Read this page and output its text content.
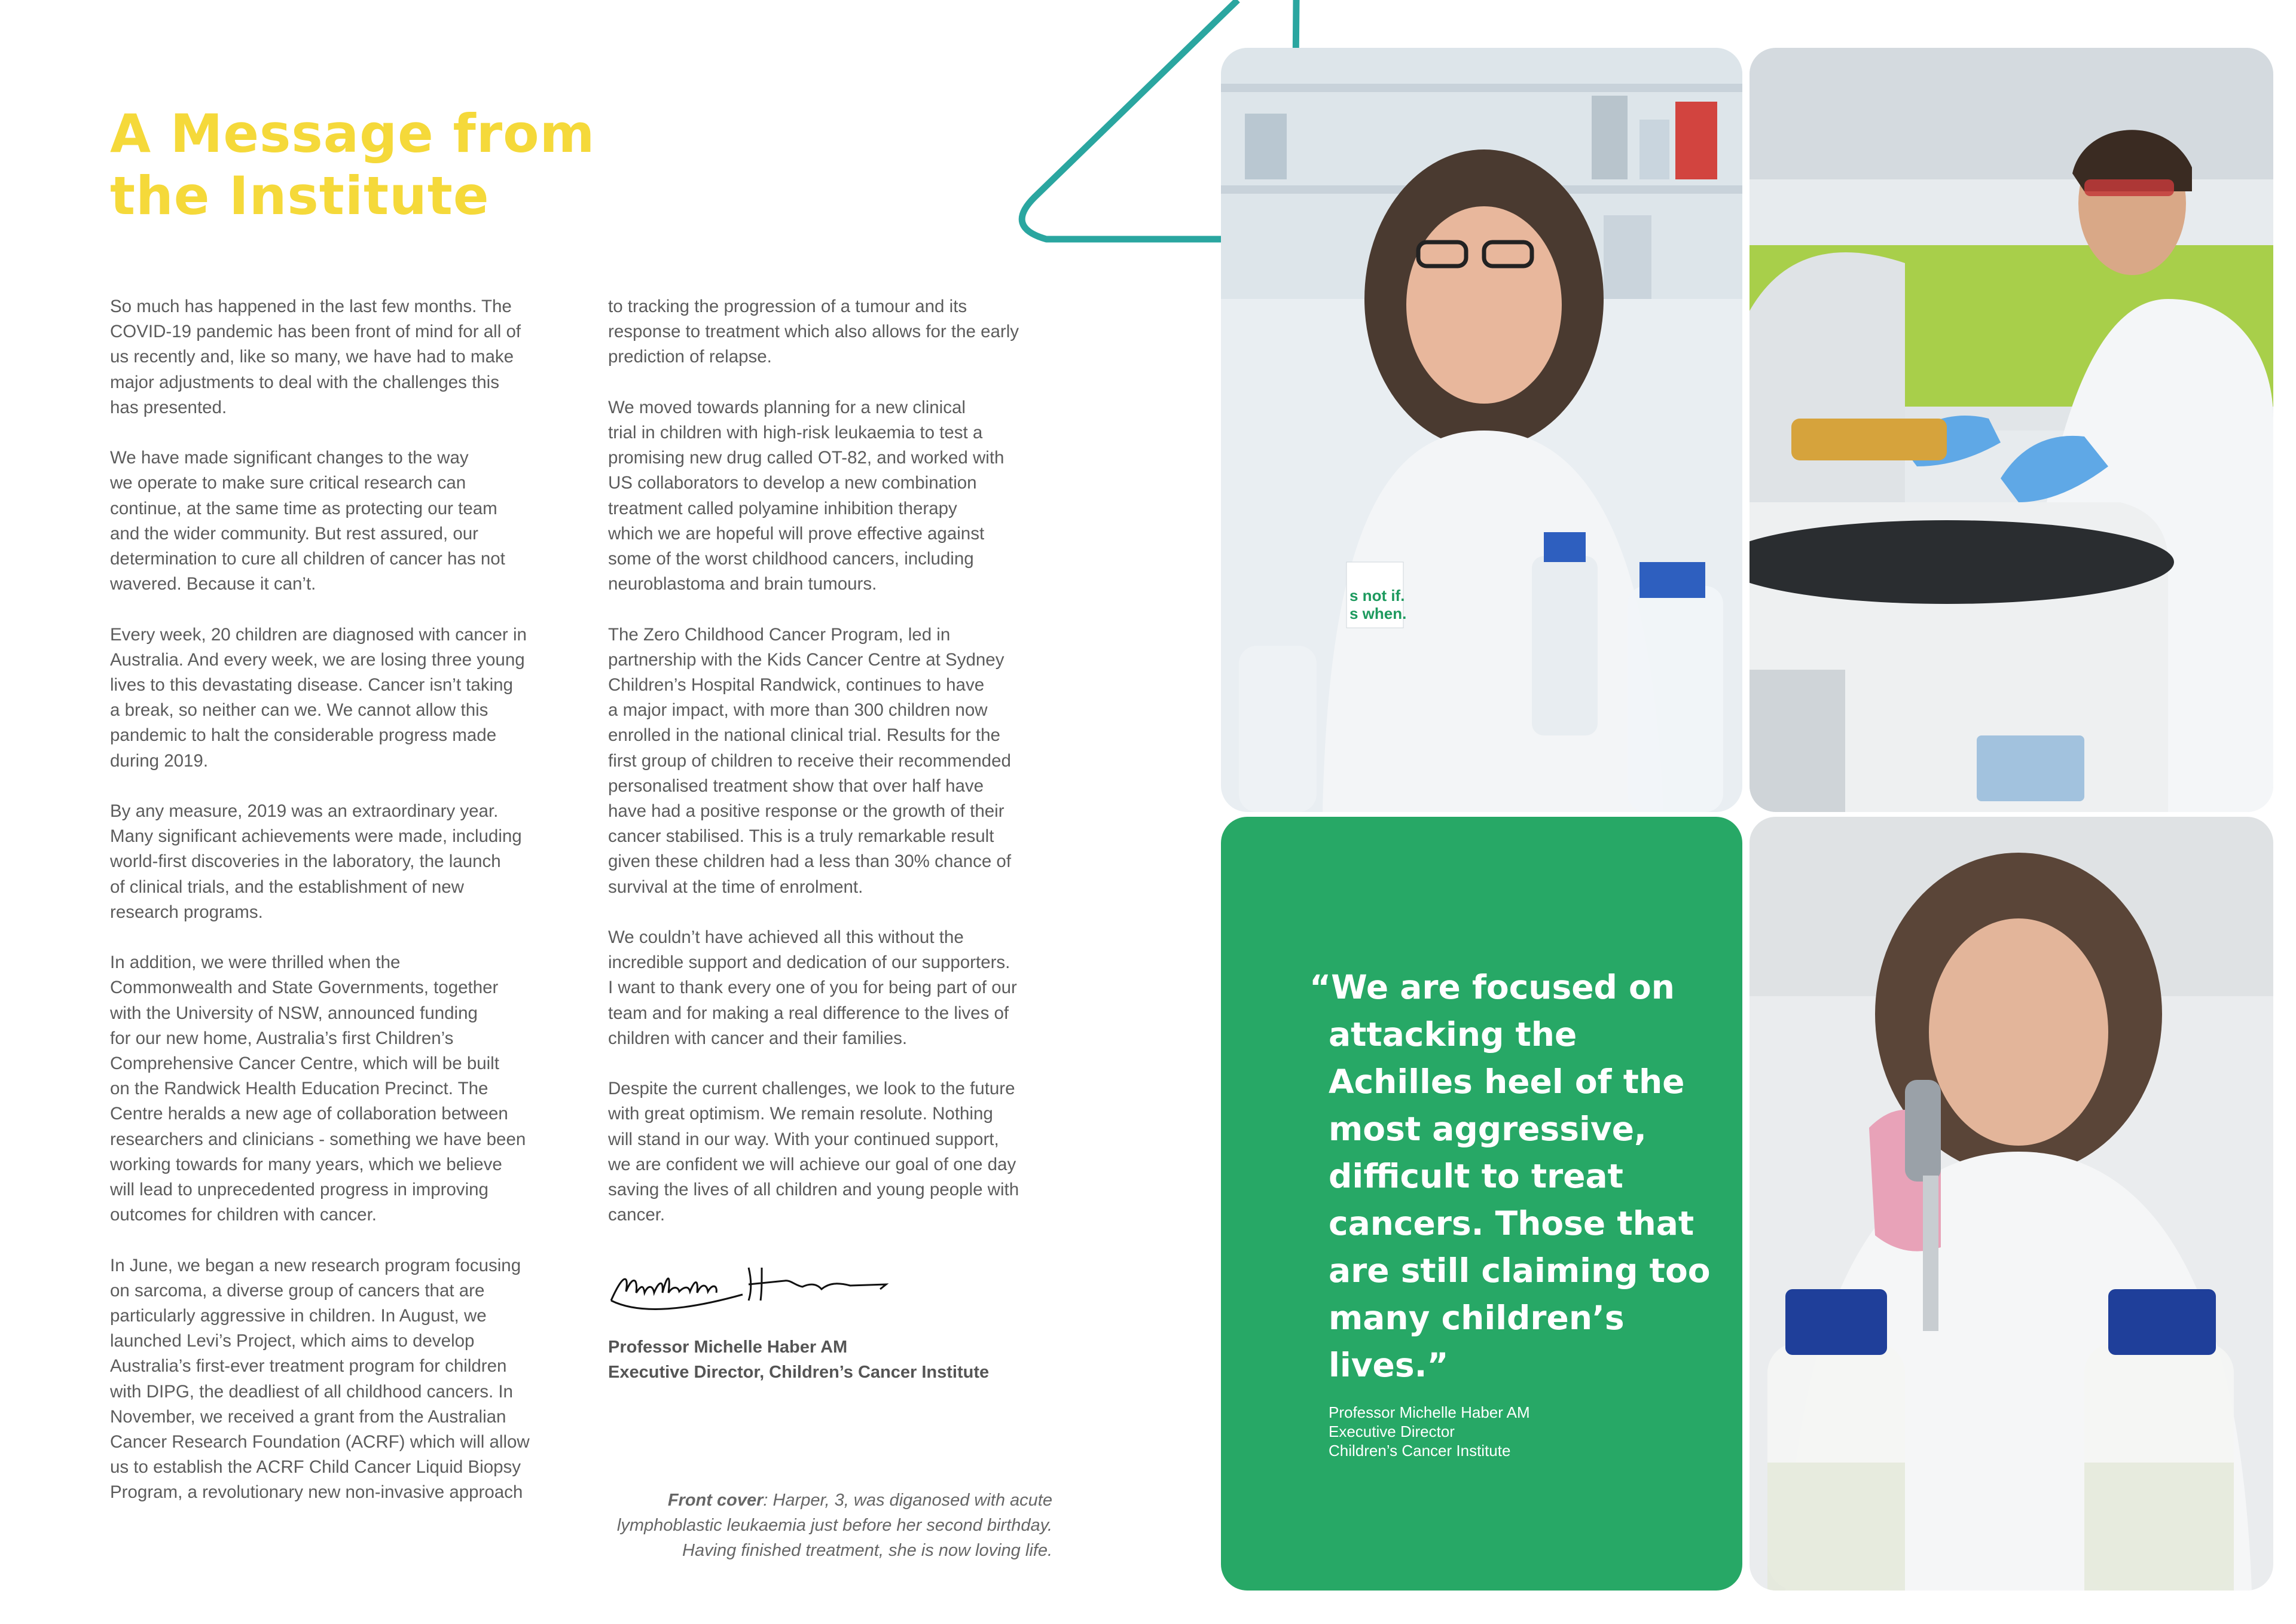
A Message from
the Institute

So much has happened in the last few months. The
COVID-19 pandemic has been front of mind for all of
us recently and, like so many, we have had to make
major adjustments to deal with the challenges this
has presented.

We have made significant changes to the way
we operate to make sure critical research can
continue, at the same time as protecting our team
and the wider community. But rest assured, our
determination to cure all children of cancer has not
wavered. Because it can’t.

Every week, 20 children are diagnosed with cancer in
Australia. And every week, we are losing three young
lives to this devastating disease. Cancer isn’t taking
a break, so neither can we. We cannot allow this
pandemic to halt the considerable progress made
during 2019.

By any measure, 2019 was an extraordinary year.
Many significant achievements were made, including
world-first discoveries in the laboratory, the launch
of clinical trials, and the establishment of new
research programs.

In addition, we were thrilled when the
Commonwealth and State Governments, together
with the University of NSW, announced funding
for our new home, Australia’s first Children’s
Comprehensive Cancer Centre, which will be built
on the Randwick Health Education Precinct. The
Centre heralds a new age of collaboration between
researchers and clinicians - something we have been
working towards for many years, which we believe
will lead to unprecedented progress in improving
outcomes for children with cancer.

In June, we began a new research program focusing
on sarcoma, a diverse group of cancers that are
particularly aggressive in children. In August, we
launched Levi’s Project, which aims to develop
Australia’s first-ever treatment program for children
with DIPG, the deadliest of all childhood cancers. In
November, we received a grant from the Australian
Cancer Research Foundation (ACRF) which will allow
us to establish the ACRF Child Cancer Liquid Biopsy
Program, a revolutionary new non-invasive approach

to tracking the progression of a tumour and its
response to treatment which also allows for the early
prediction of relapse.

We moved towards planning for a new clinical
trial in children with high-risk leukaemia to test a
promising new drug called OT-82, and worked with
US collaborators to develop a new combination
treatment called polyamine inhibition therapy
which we are hopeful will prove effective against
some of the worst childhood cancers, including
neuroblastoma and brain tumours.

The Zero Childhood Cancer Program, led in
partnership with the Kids Cancer Centre at Sydney
Children’s Hospital Randwick, continues to have
a major impact, with more than 300 children now
enrolled in the national clinical trial. Results for the
first group of children to receive their recommended
personalised treatment show that over half have
have had a positive response or the growth of their
cancer stabilised. This is a truly remarkable result
given these children had a less than 30% chance of
survival at the time of enrolment.

We couldn’t have achieved all this without the
incredible support and dedication of our supporters.
I want to thank every one of you for being part of our
team and for making a real difference to the lives of
children with cancer and their families.

Despite the current challenges, we look to the future
with great optimism. We remain resolute. Nothing
will stand in our way. With your continued support,
we are confident we will achieve our goal of one day
saving the lives of all children and young people with
cancer.

Professor Michelle Haber AM
Executive Director, Children’s Cancer Institute
Front cover: Harper, 3, was diganosed with acute
lymphoblastic leukaemia just before her second birthday.
Having finished treatment, she is now loving life.
s not if.
s when.
“We are focused on attacking the Achilles heel of the most aggressive, difficult to treat cancers. Those that are still claiming too many children’s lives.”
Professor Michelle Haber AM
Executive Director
Children’s Cancer Institute
